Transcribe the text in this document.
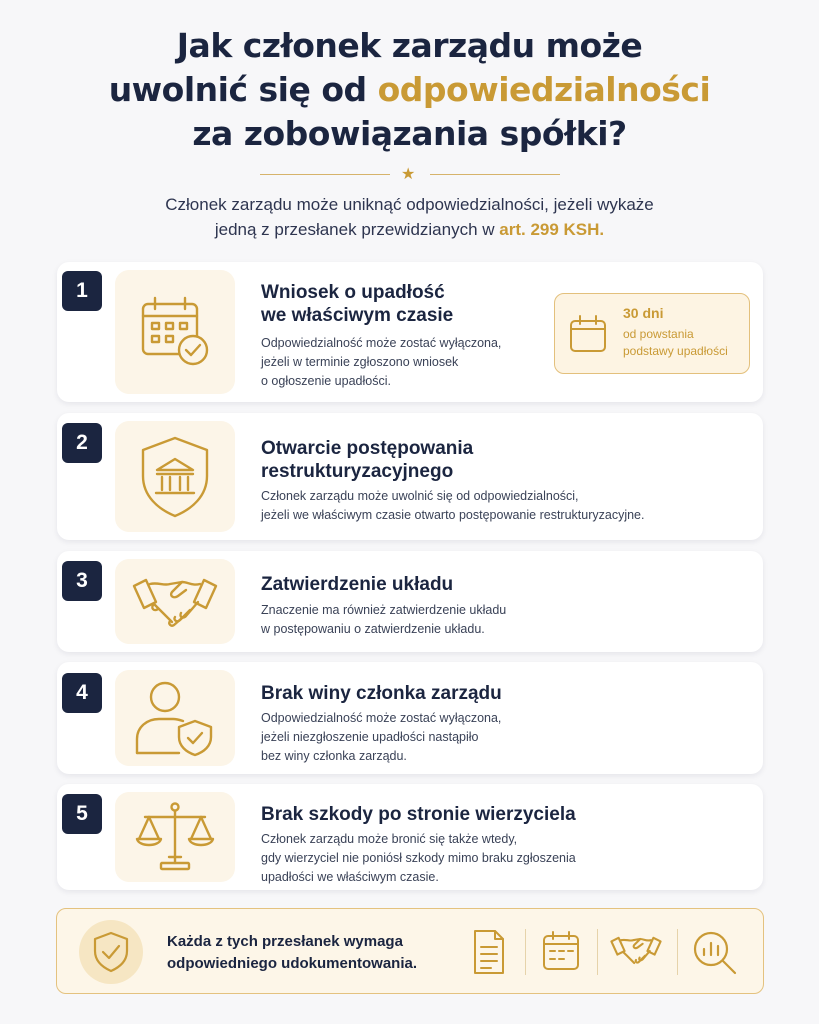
Jak członek zarządu może
uwolnić się od odpowiedzialności
za zobowiązania spółki?
★
Członek zarządu może uniknąć odpowiedzialności, jeżeli wykaże
jedną z przesłanek przewidzianych w art. 299 KSH.
1	Wniosek o upadłość
we właściwym czasie
Odpowiedzialność może zostać wyłączona,
jeżeli w terminie zgłoszono wniosek
o ogłoszenie upadłości.
30 dni
od powstania
podstawy upadłości
2	Otwarcie postępowania
restrukturyzacyjnego
Członek zarządu może uwolnić się od odpowiedzialności,
jeżeli we właściwym czasie otwarto postępowanie restrukturyzacyjne.
3	Zatwierdzenie układu
Znaczenie ma również zatwierdzenie układu
w postępowaniu o zatwierdzenie układu.
4	Brak winy członka zarządu
Odpowiedzialność może zostać wyłączona,
jeżeli niezgłoszenie upadłości nastąpiło
bez winy członka zarządu.
5	Brak szkody po stronie wierzyciela
Członek zarządu może bronić się także wtedy,
gdy wierzyciel nie poniósł szkody mimo braku zgłoszenia
upadłości we właściwym czasie.
Każda z tych przesłanek wymaga
odpowiedniego udokumentowania.
